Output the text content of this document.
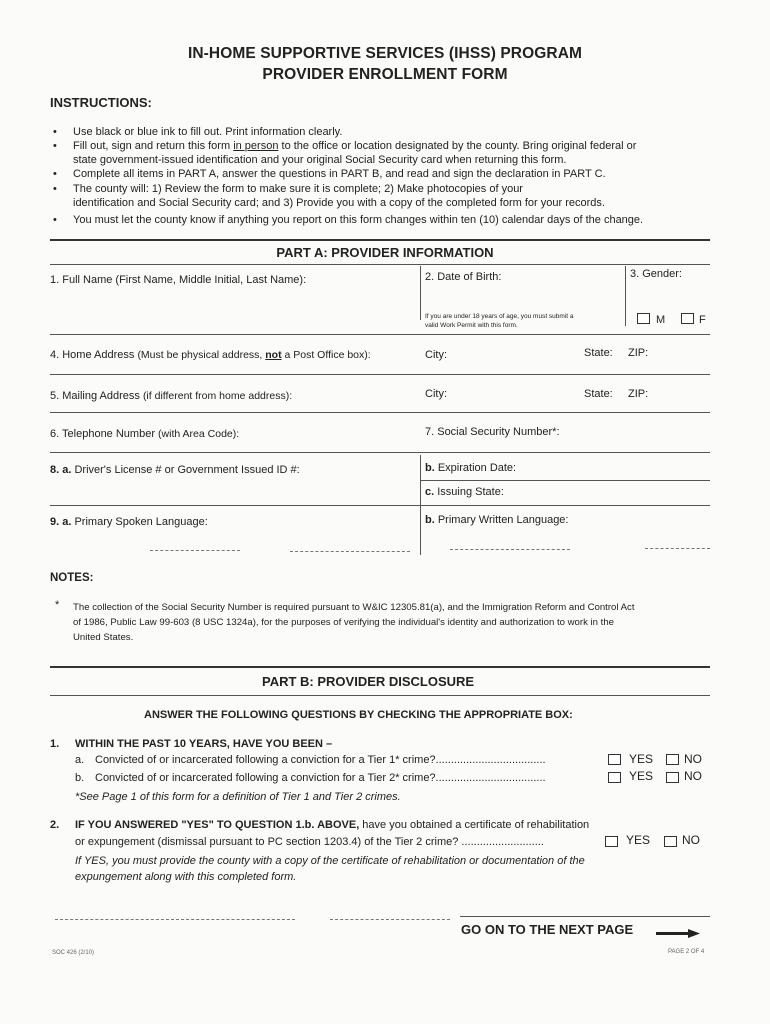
IN-HOME SUPPORTIVE SERVICES (IHSS) PROGRAM
PROVIDER ENROLLMENT FORM
INSTRUCTIONS:
• Use black or blue ink to fill out. Print information clearly.
• Fill out, sign and return this form in person to the office or location designated by the county. Bring original federal or
state government-issued identification and your original Social Security card when returning this form.
• Complete all items in PART A, answer the questions in PART B, and read and sign the declaration in PART C.
• The county will: 1) Review the form to make sure it is complete; 2) Make photocopies of your
identification and Social Security card; and 3) Provide you with a copy of the completed form for your records.
• You must let the county know if anything you report on this form changes within ten (10) calendar days of the change.
PART A: PROVIDER INFORMATION
1. Full Name (First Name, Middle Initial, Last Name):	2. Date of Birth:	3. Gender:
If you are under 18 years of age, you must submit a
valid Work Permit with this form.	M	F
4. Home Address (Must be physical address, not a Post Office box):	City:	State: ZIP:
5. Mailing Address (if different from home address):	City:	State: ZIP:
6. Telephone Number (with Area Code):	7. Social Security Number*:
8. a. Driver's License # or Government Issued ID #:	b. Expiration Date:
c. Issuing State:
9. a. Primary Spoken Language:	b. Primary Written Language:
NOTES:
* The collection of the Social Security Number is required pursuant to W&IC 12305.81(a), and the Immigration Reform and Control Act
of 1986, Public Law 99-603 (8 USC 1324a), for the purposes of verifying the individual's identity and authorization to work in the
United States.
PART B: PROVIDER DISCLOSURE
ANSWER THE FOLLOWING QUESTIONS BY CHECKING THE APPROPRIATE BOX:
1. WITHIN THE PAST 10 YEARS, HAVE YOU BEEN –
a. Convicted of or incarcerated following a conviction for a Tier 1* crime?....................................	YES	NO
b. Convicted of or incarcerated following a conviction for a Tier 2* crime?....................................	YES	NO
*See Page 1 of this form for a definition of Tier 1 and Tier 2 crimes.
2. IF YOU ANSWERED "YES" TO QUESTION 1.b. ABOVE, have you obtained a certificate of rehabilitation
or expungement (dismissal pursuant to PC section 1203.4) of the Tier 2 crime? ...........................	YES	NO
If YES, you must provide the county with a copy of the certificate of rehabilitation or documentation of the
expungement along with this completed form.
GO ON TO THE NEXT PAGE
SOC 426 (2/10)	PAGE 2 OF 4
